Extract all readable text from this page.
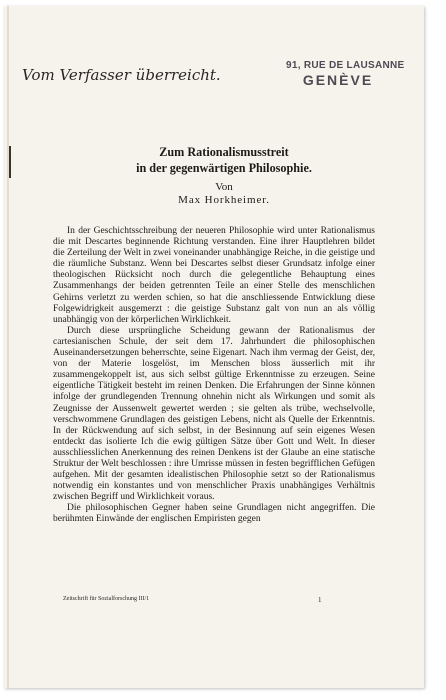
Vom Verfasser überreicht.
91, RUE DE LAUSANNE
GENÈVE
Zum Rationalismusstreit
in der gegenwärtigen Philosophie.
Von
Max Horkheimer.

In der Geschichtsschreibung der neueren Philosophie wird unter Rationalismus die mit Descartes beginnende Richtung verstanden. Eine ihrer Hauptlehren bildet die Zerteilung der Welt in zwei voneinander unabhängige Reiche, in die geistige und die räumliche Substanz. Wenn bei Descartes selbst dieser Grundsatz infolge einer theologischen Rücksicht noch durch die gelegentliche Behauptung eines Zusammenhangs der beiden getrennten Teile an einer Stelle des menschlichen Gehirns verletzt zu werden schien, so hat die anschliessende Entwicklung diese Folgewidrigkeit ausgemerzt : die geistige Substanz galt von nun an als völlig unabhängig von der körperlichen Wirklichkeit.

Durch diese ursprüngliche Scheidung gewann der Rationalismus der cartesianischen Schule, der seit dem 17. Jahrhundert die philosophischen Auseinandersetzungen beherrschte, seine Eigenart. Nach ihm vermag der Geist, der, von der Materie losgelöst, im Menschen bloss äusserlich mit ihr zusammengekoppelt ist, aus sich selbst gültige Erkenntnisse zu erzeugen. Seine eigentliche Tätigkeit besteht im reinen Denken. Die Erfahrungen der Sinne können infolge der grundlegenden Trennung ohnehin nicht als Wirkungen und somit als Zeugnisse der Aussenwelt gewertet werden ; sie gelten als trübe, wechselvolle, verschwommene Grundlagen des geistigen Lebens, nicht als Quelle der Erkenntnis. In der Rückwendung auf sich selbst, in der Besinnung auf sein eigenes Wesen entdeckt das isolierte Ich die ewig gültigen Sätze über Gott und Welt. In dieser ausschliesslichen Anerkennung des reinen Denkens ist der Glaube an eine statische Struktur der Welt beschlossen : ihre Umrisse müssen in festen begrifflichen Gefügen aufgehen. Mit der gesamten idealistischen Philosophie setzt so der Rationalismus notwendig ein konstantes und von menschlicher Praxis unabhängiges Verhältnis zwischen Begriff und Wirklichkeit voraus.

Die philosophischen Gegner haben seine Grundlagen nicht angegriffen. Die berühmten Einwände der englischen Empiristen gegen

Zeitschrift für Sozialforschung III/1	1
